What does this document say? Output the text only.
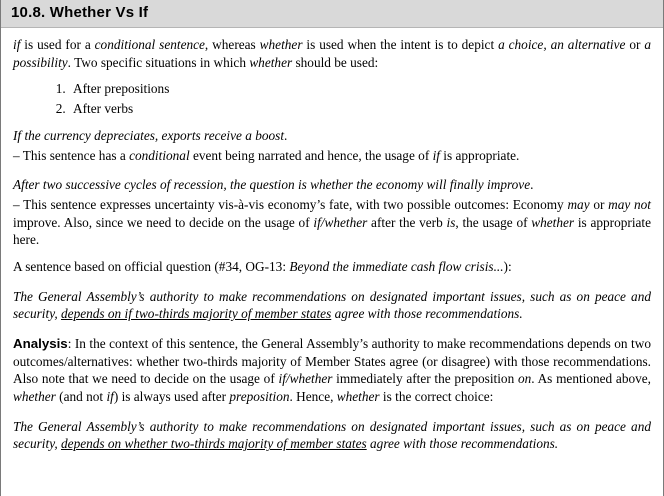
10.8. Whether Vs If

if is used for a conditional sentence, whereas whether is used when the intent is to depict a choice, an alternative or a possibility. Two specific situations in which whether should be used:

1. After prepositions
2. After verbs

If the currency depreciates, exports receive a boost.

– This sentence has a conditional event being narrated and hence, the usage of if is appropriate.

After two successive cycles of recession, the question is whether the economy will finally improve.

– This sentence expresses uncertainty vis-à-vis economy’s fate, with two possible outcomes: Economy may or may not improve. Also, since we need to decide on the usage of if/whether after the verb is, the usage of whether is appropriate here.

A sentence based on official question (#34, OG-13: Beyond the immediate cash flow crisis...):

The General Assembly’s authority to make recommendations on designated important issues, such as on peace and security, depends on if two-thirds majority of member states agree with those recommendations.

Analysis: In the context of this sentence, the General Assembly’s authority to make recommendations depends on two outcomes/alternatives: whether two-thirds majority of Member States agree (or disagree) with those recommendations. Also note that we need to decide on the usage of if/whether immediately after the preposition on. As mentioned above, whether (and not if) is always used after preposition. Hence, whether is the correct choice:

The General Assembly’s authority to make recommendations on designated important issues, such as on peace and security, depends on whether two-thirds majority of member states agree with those recommendations.
